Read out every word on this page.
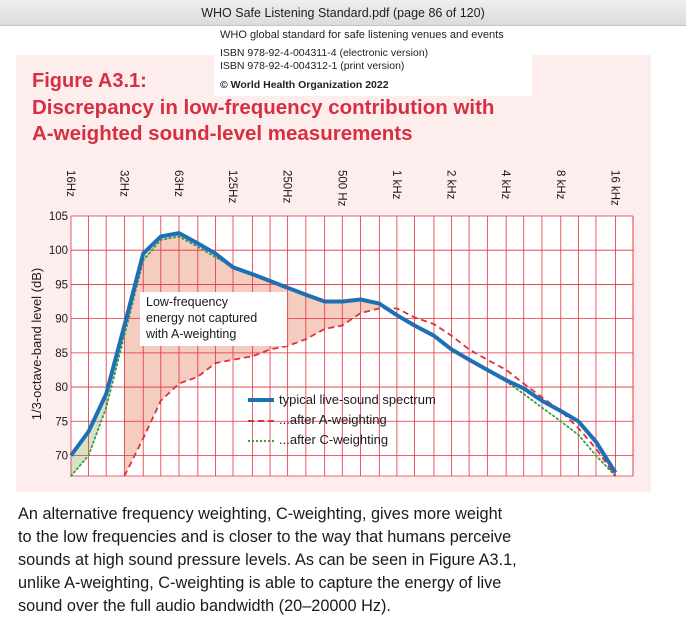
WHO Safe Listening Standard.pdf (page 86 of 120)
WHO global standard for safe listening venues and events
ISBN 978-92-4-004311-4 (electronic version)
ISBN 978-92-4-004312-1 (print version)
© World Health Organization 2022
Figure A3.1:
Discrepancy in low-frequency contribution with
A-weighted sound-level measurements
16Hz	32Hz	63Hz	125Hz	250Hz	500 Hz	1 kHz	2 kHz	4 kHz	8 kHz	16 kHz
70
75
80
85
90
95
100
105
1/3-octave-band level (dB)	Low-frequency
energy not captured
with A-weighting
typical live-sound spectrum
...after A-weighting
...after C-weighting
An alternative frequency weighting, C-weighting, gives more weight
to the low frequencies and is closer to the way that humans perceive
sounds at high sound pressure levels. As can be seen in Figure A3.1,
unlike A-weighting, C-weighting is able to capture the energy of live
sound over the full audio bandwidth (20–20000 Hz).
